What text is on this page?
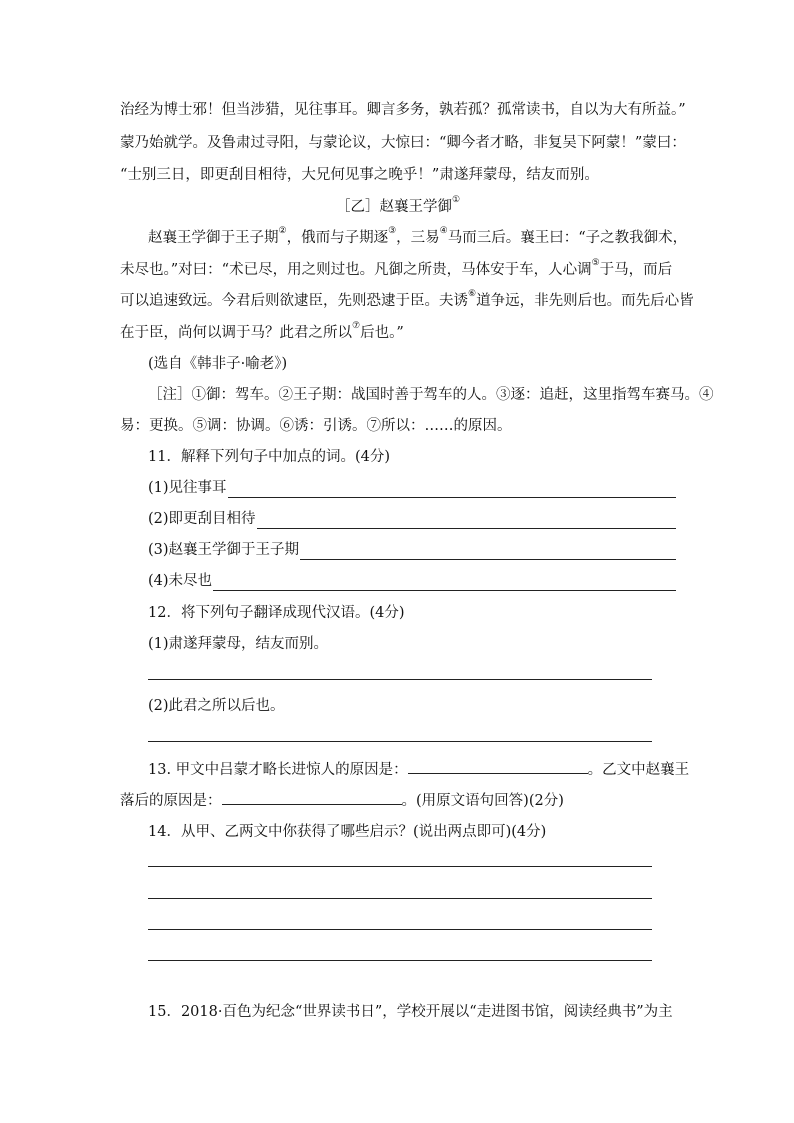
治经为博士邪！但当涉猎，见往事耳。卿言多务，孰若孤？孤常读书，自以为大有所益。”
蒙乃始就学。及鲁肃过寻阳，与蒙论议，大惊曰：“卿今者才略，非复吴下阿蒙！”蒙曰：
“士别三日，即更刮目相待，大兄何见事之晚乎！”肃遂拜蒙母，结友而别。
［乙］赵襄王学御①
赵襄王学御于王子期②，俄而与子期逐③，三易④马而三后。襄王曰：“子之教我御术，
未尽也。”对曰：“术已尽，用之则过也。凡御之所贵，马体安于车，人心调⑤于马，而后
可以追速致远。今君后则欲逮臣，先则恐逮于臣。夫诱⑥道争远，非先则后也。而先后心皆
在于臣，尚何以调于马？此君之所以⑦后也。”
(选自《韩非子·喻老》)
［注］①御：驾车。②王子期：战国时善于驾车的人。③逐：追赶，这里指驾车赛马。④
易：更换。⑤调：协调。⑥诱：引诱。⑦所以：……的原因。
11．解释下列句子中加点的词。(4分)
(1)见往事耳
(2)即更刮目相待
(3)赵襄王学御于王子期
(4)未尽也
12．将下列句子翻译成现代汉语。(4分)
(1)肃遂拜蒙母，结友而别。
(2)此君之所以后也。
13. 甲文中吕蒙才略长进惊人的原因是：	。乙文中赵襄王
落后的原因是：	。(用原文语句回答)(2分)
14．从甲、乙两文中你获得了哪些启示？(说出两点即可)(4分)
15．2018·百色为纪念“世界读书日”，学校开展以“走进图书馆，阅读经典书”为主
